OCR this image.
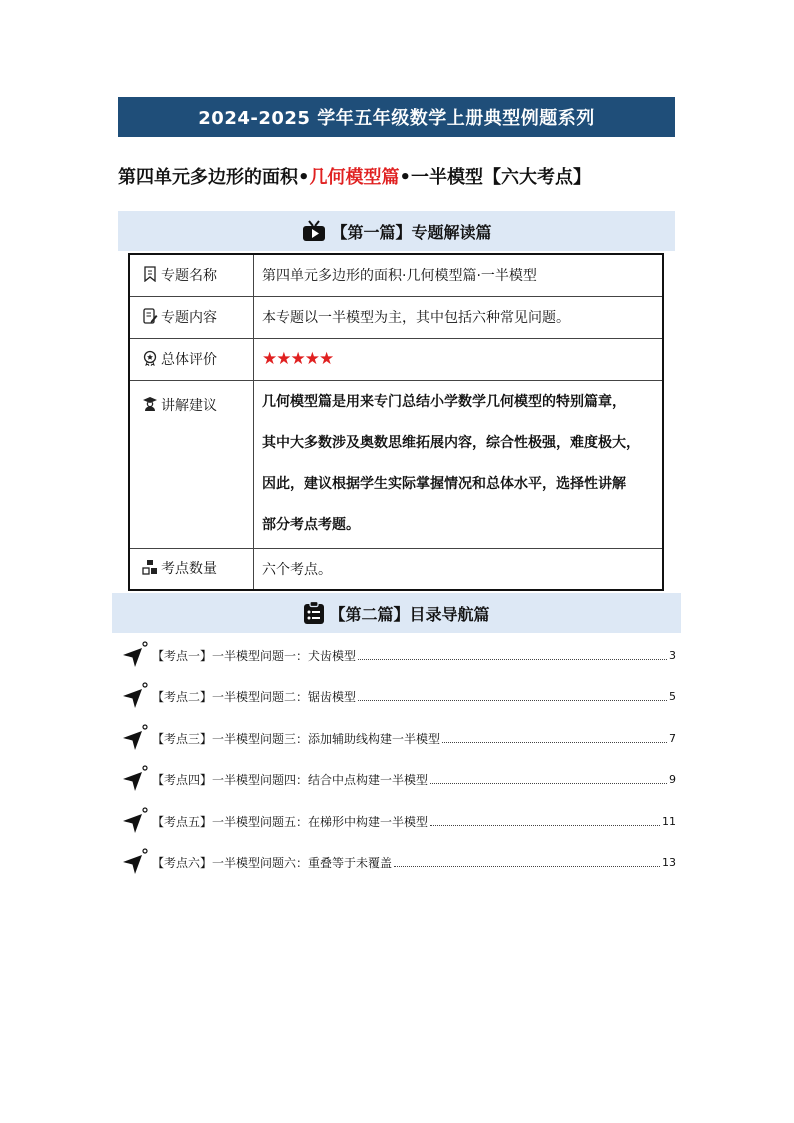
2024-2025 学年五年级数学上册典型例题系列
第四单元多边形的面积• 几何模型篇 •一半模型【六大考点】
【第一篇】专题解读篇
专题名称	第四单元多边形的面积·几何模型篇·一半模型
专题内容	本专题以一半模型为主，其中包括六种常见问题。
总体评价	★★★★★
讲解建议	几何模型篇是用来专门总结小学数学几何模型的特别篇章，
其中大多数涉及奥数思维拓展内容，综合性极强，难度极大，
因此，建议根据学生实际掌握情况和总体水平，选择性讲解
部分考点考题。

考点数量	六个考点。
【第二篇】目录导航篇
【考点一】一半模型问题一：犬齿模型	3
【考点二】一半模型问题二：锯齿模型	5
【考点三】一半模型问题三：添加辅助线构建一半模型	7
【考点四】一半模型问题四：结合中点构建一半模型	9
【考点五】一半模型问题五：在梯形中构建一半模型	11
【考点六】一半模型问题六：重叠等于未覆盖	13
